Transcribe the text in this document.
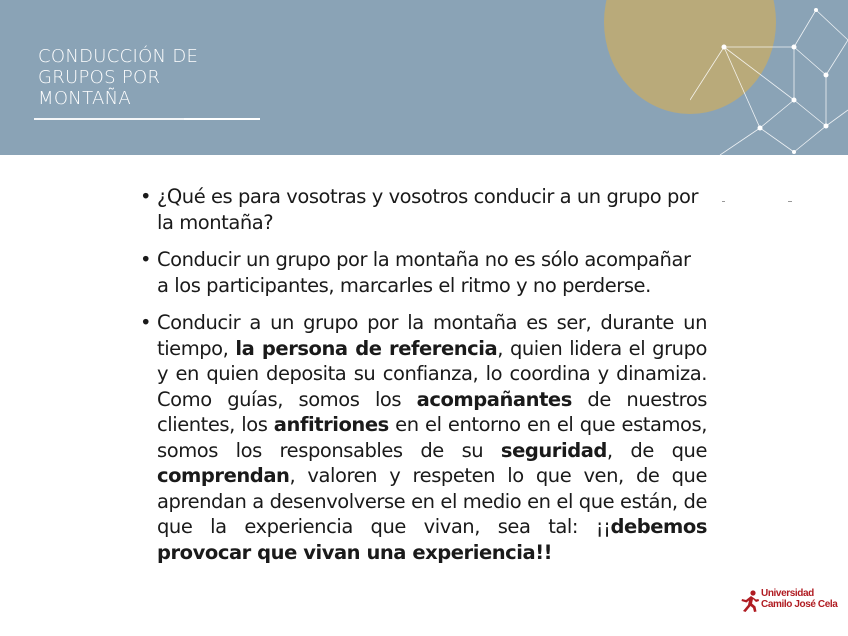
CONDUCCIÓN DE
GRUPOS POR
MONTAÑA

• ¿Qué es para vosotras y vosotros conducir a un grupo por la montaña?

• Conducir un grupo por la montaña no es sólo acompañar a los participantes, marcarles el ritmo y no perderse.

• Conducir a un grupo por la montaña es ser, durante un tiempo, la persona de referencia, quien lidera el grupo y en quien deposita su confianza, lo coordina y dinamiza. Como guías, somos los acompañantes de nuestros clientes, los anfitriones en el entorno en el que estamos, somos los responsables de su seguridad, de que comprendan, valoren y respeten lo que ven, de que aprendan a desenvolverse en el medio en el que están, de que la experiencia que vivan, sea tal: ¡¡debemos provocar que vivan una experiencia!!

Universidad
Camilo José Cela
